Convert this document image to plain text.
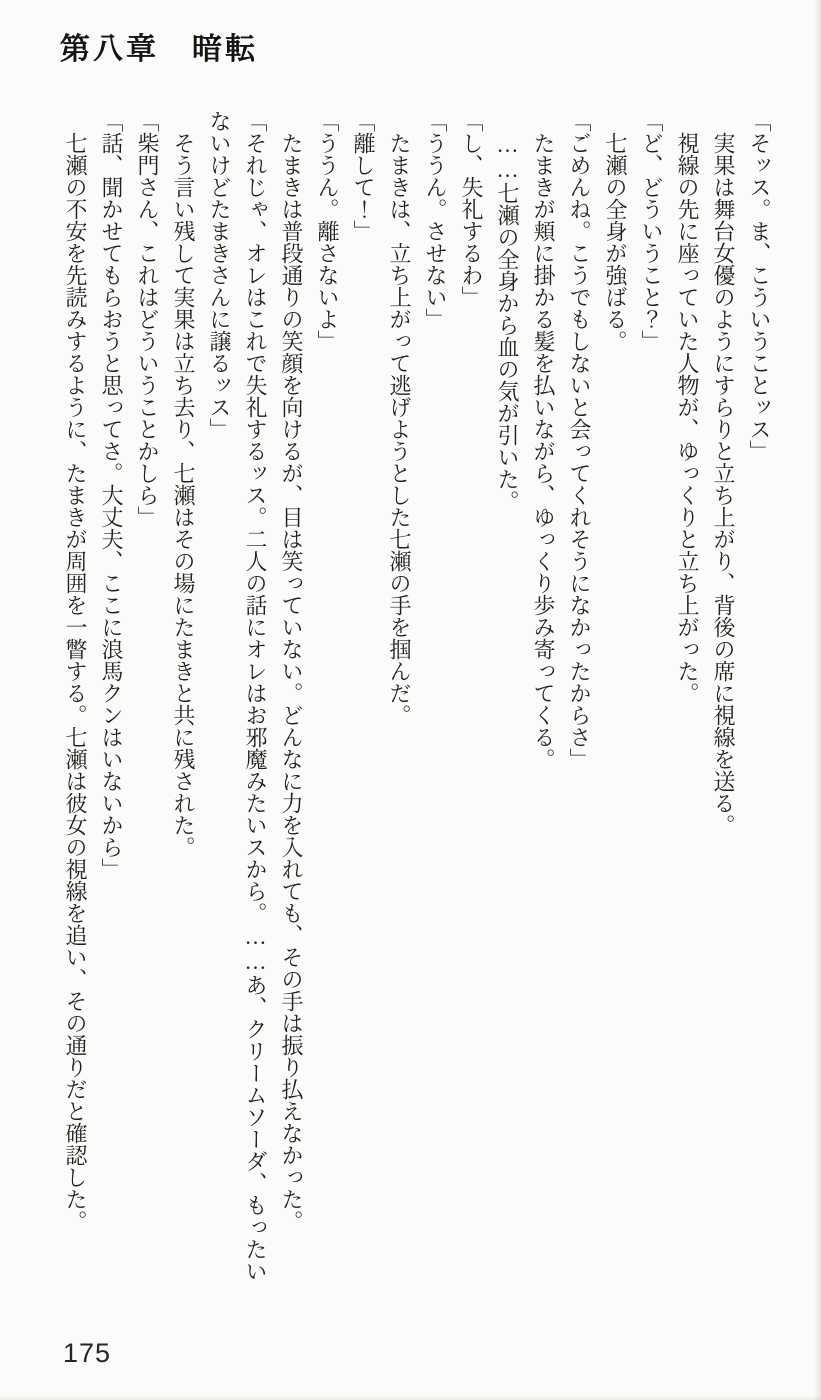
第八章　暗転

「そッス。ま、こういうことッス」

実果は舞台女優のようにすらりと立ち上がり、背後の席に視線を送る。

視線の先に座っていた人物が、ゆっくりと立ち上がった。

「ど、どういうこと？」

七瀬の全身が強ばる。

「ごめんね。こうでもしないと会ってくれそうになかったからさ」

たまきが頬に掛かる髪を払いながら、ゆっくり歩み寄ってくる。

……七瀬の全身から血の気が引いた。

「し、失礼するわ」

「ううん。させない」

たまきは、立ち上がって逃げようとした七瀬の手を掴んだ。

「離して！」

「ううん。離さないよ」

たまきは普段通りの笑顔を向けるが、目は笑っていない。どんなに力を入れても、その手は振り払えなかった。

「それじゃ、オレはこれで失礼するッス。二人の話にオレはお邪魔みたいスから。……あ、クリームソーダ、もったいないけどたまきさんに譲るッス」

そう言い残して実果は立ち去り、七瀬はその場にたまきと共に残された。

「柴門さん、これはどういうことかしら」

「話、聞かせてもらおうと思ってさ。大丈夫、ここに浪馬クンはいないから」

七瀬の不安を先読みするように、たまきが周囲を一瞥する。七瀬は彼女の視線を追い、その通りだと確認した。

175
